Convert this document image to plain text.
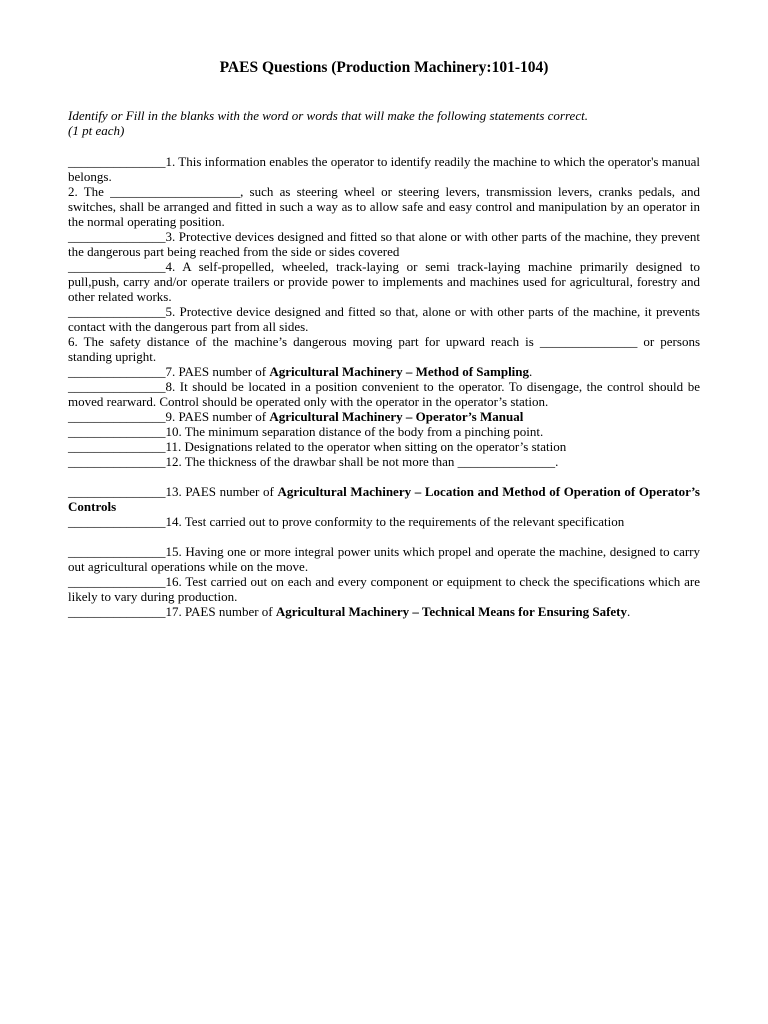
PAES Questions (Production Machinery:101-104)
Identify or Fill in the blanks with the word or words that will make the following statements correct.
(1 pt each)

_______________1. This information enables the operator to identify readily the machine to which the operator's manual belongs.

2. The ____________________, such as steering wheel or steering levers, transmission levers, cranks pedals, and switches, shall be arranged and fitted in such a way as to allow safe and easy control and manipulation by an operator in the normal operating position.

_______________3. Protective devices designed and fitted so that alone or with other parts of the machine, they prevent the dangerous part being reached from the side or sides covered

_______________4. A self-propelled, wheeled, track-laying or semi track-laying machine primarily designed to pull,push, carry and/or operate trailers or provide power to implements and machines used for agricultural, forestry and other related works.

_______________5. Protective device designed and fitted so that, alone or with other parts of the machine, it prevents contact with the dangerous part from all sides.

6. The safety distance of the machine’s dangerous moving part for upward reach is _______________ or persons standing upright.

_______________7. PAES number of Agricultural Machinery – Method of Sampling.

_______________8. It should be located in a position convenient to the operator. To disengage, the control should be moved rearward. Control should be operated only with the operator in the operator’s station.

_______________9. PAES number of Agricultural Machinery – Operator’s Manual

_______________10. The minimum separation distance of the body from a pinching point.

_______________11. Designations related to the operator when sitting on the operator’s station

_______________12. The thickness of the drawbar shall be not more than _______________.

_______________13. PAES number of Agricultural Machinery – Location and Method of Operation of Operator’s Controls

_______________14. Test carried out to prove conformity to the requirements of the relevant specification

_______________15. Having one or more integral power units which propel and operate the machine, designed to carry out agricultural operations while on the move.

_______________16. Test carried out on each and every component or equipment to check the specifications which are likely to vary during production.

_______________17. PAES number of Agricultural Machinery – Technical Means for Ensuring Safety.
